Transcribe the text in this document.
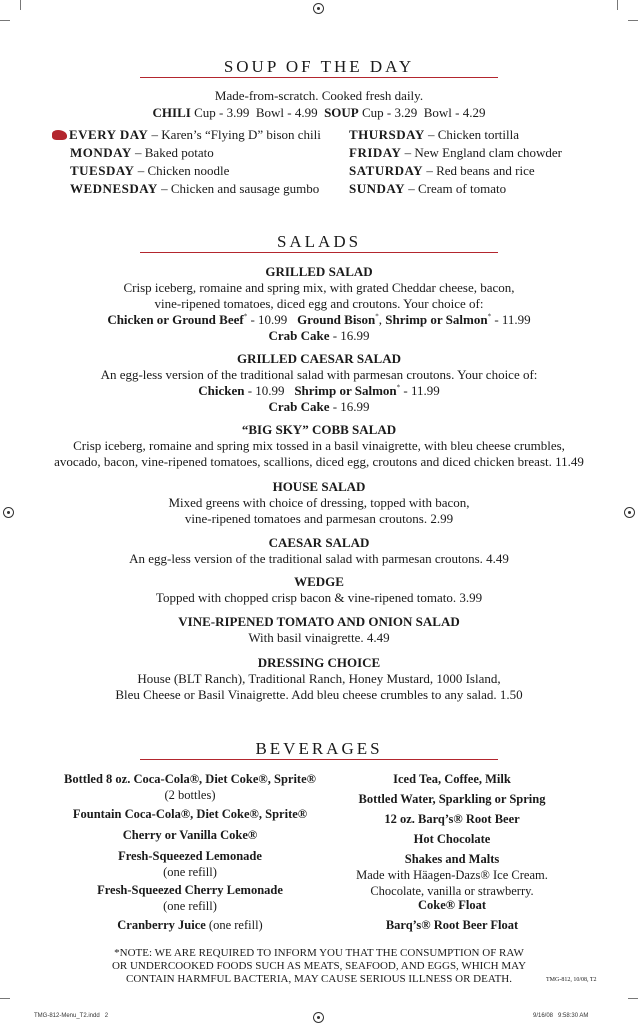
SOUP OF THE DAY
Made-from-scratch. Cooked fresh daily.
CHILI Cup - 3.99  Bowl - 4.99 SOUP Cup - 3.29  Bowl - 4.29
EVERY DAY – Karen’s “Flying D” bison chili
MONDAY – Baked potato
TUESDAY – Chicken noodle
WEDNESDAY – Chicken and sausage gumbo
THURSDAY – Chicken tortilla
FRIDAY – New England clam chowder
SATURDAY – Red beans and rice
SUNDAY – Cream of tomato
SALADS
GRILLED SALAD
Crisp iceberg, romaine and spring mix, with grated Cheddar cheese, bacon,
vine-ripened tomatoes, diced egg and croutons. Your choice of:
Chicken or Ground Beef* - 10.99 Ground Bison*, Shrimp or Salmon* - 11.99
Crab Cake - 16.99
GRILLED CAESAR SALAD
An egg-less version of the traditional salad with parmesan croutons. Your choice of:
Chicken - 10.99 Shrimp or Salmon* - 11.99
Crab Cake - 16.99
“BIG SKY” COBB SALAD
Crisp iceberg, romaine and spring mix tossed in a basil vinaigrette, with bleu cheese crumbles,
avocado, bacon, vine-ripened tomatoes, scallions, diced egg, croutons and diced chicken breast. 11.49
HOUSE SALAD
Mixed greens with choice of dressing, topped with bacon,
vine-ripened tomatoes and parmesan croutons. 2.99
CAESAR SALAD
An egg-less version of the traditional salad with parmesan croutons. 4.49
WEDGE
Topped with chopped crisp bacon & vine-ripened tomato. 3.99
VINE-RIPENED TOMATO AND ONION SALAD
With basil vinaigrette. 4.49
DRESSING CHOICE
House (BLT Ranch), Traditional Ranch, Honey Mustard, 1000 Island,
Bleu Cheese or Basil Vinaigrette. Add bleu cheese crumbles to any salad. 1.50
BEVERAGES
Bottled 8 oz. Coca-Cola®, Diet Coke®, Sprite®
(2 bottles)
Fountain Coca-Cola®, Diet Coke®, Sprite®
Cherry or Vanilla Coke®
Fresh-Squeezed Lemonade
(one refill)
Fresh-Squeezed Cherry Lemonade
(one refill)
Cranberry Juice (one refill)
Iced Tea, Coffee, Milk
Bottled Water, Sparkling or Spring
12 oz. Barq’s® Root Beer
Hot Chocolate
Shakes and Malts
Made with Häagen-Dazs® Ice Cream.
Chocolate, vanilla or strawberry.
Coke® Float
Barq’s® Root Beer Float
*NOTE: WE ARE REQUIRED TO INFORM YOU THAT THE CONSUMPTION OF RAW
OR UNDERCOOKED FOODS SUCH AS MEATS, SEAFOOD, AND EGGS, WHICH MAY
CONTAIN HARMFUL BACTERIA, MAY CAUSE SERIOUS ILLNESS OR DEATH.	TMG-812, 10/08, T2
TMG-812-Menu_T2.indd   2	9/16/08   9:58:30 AM
